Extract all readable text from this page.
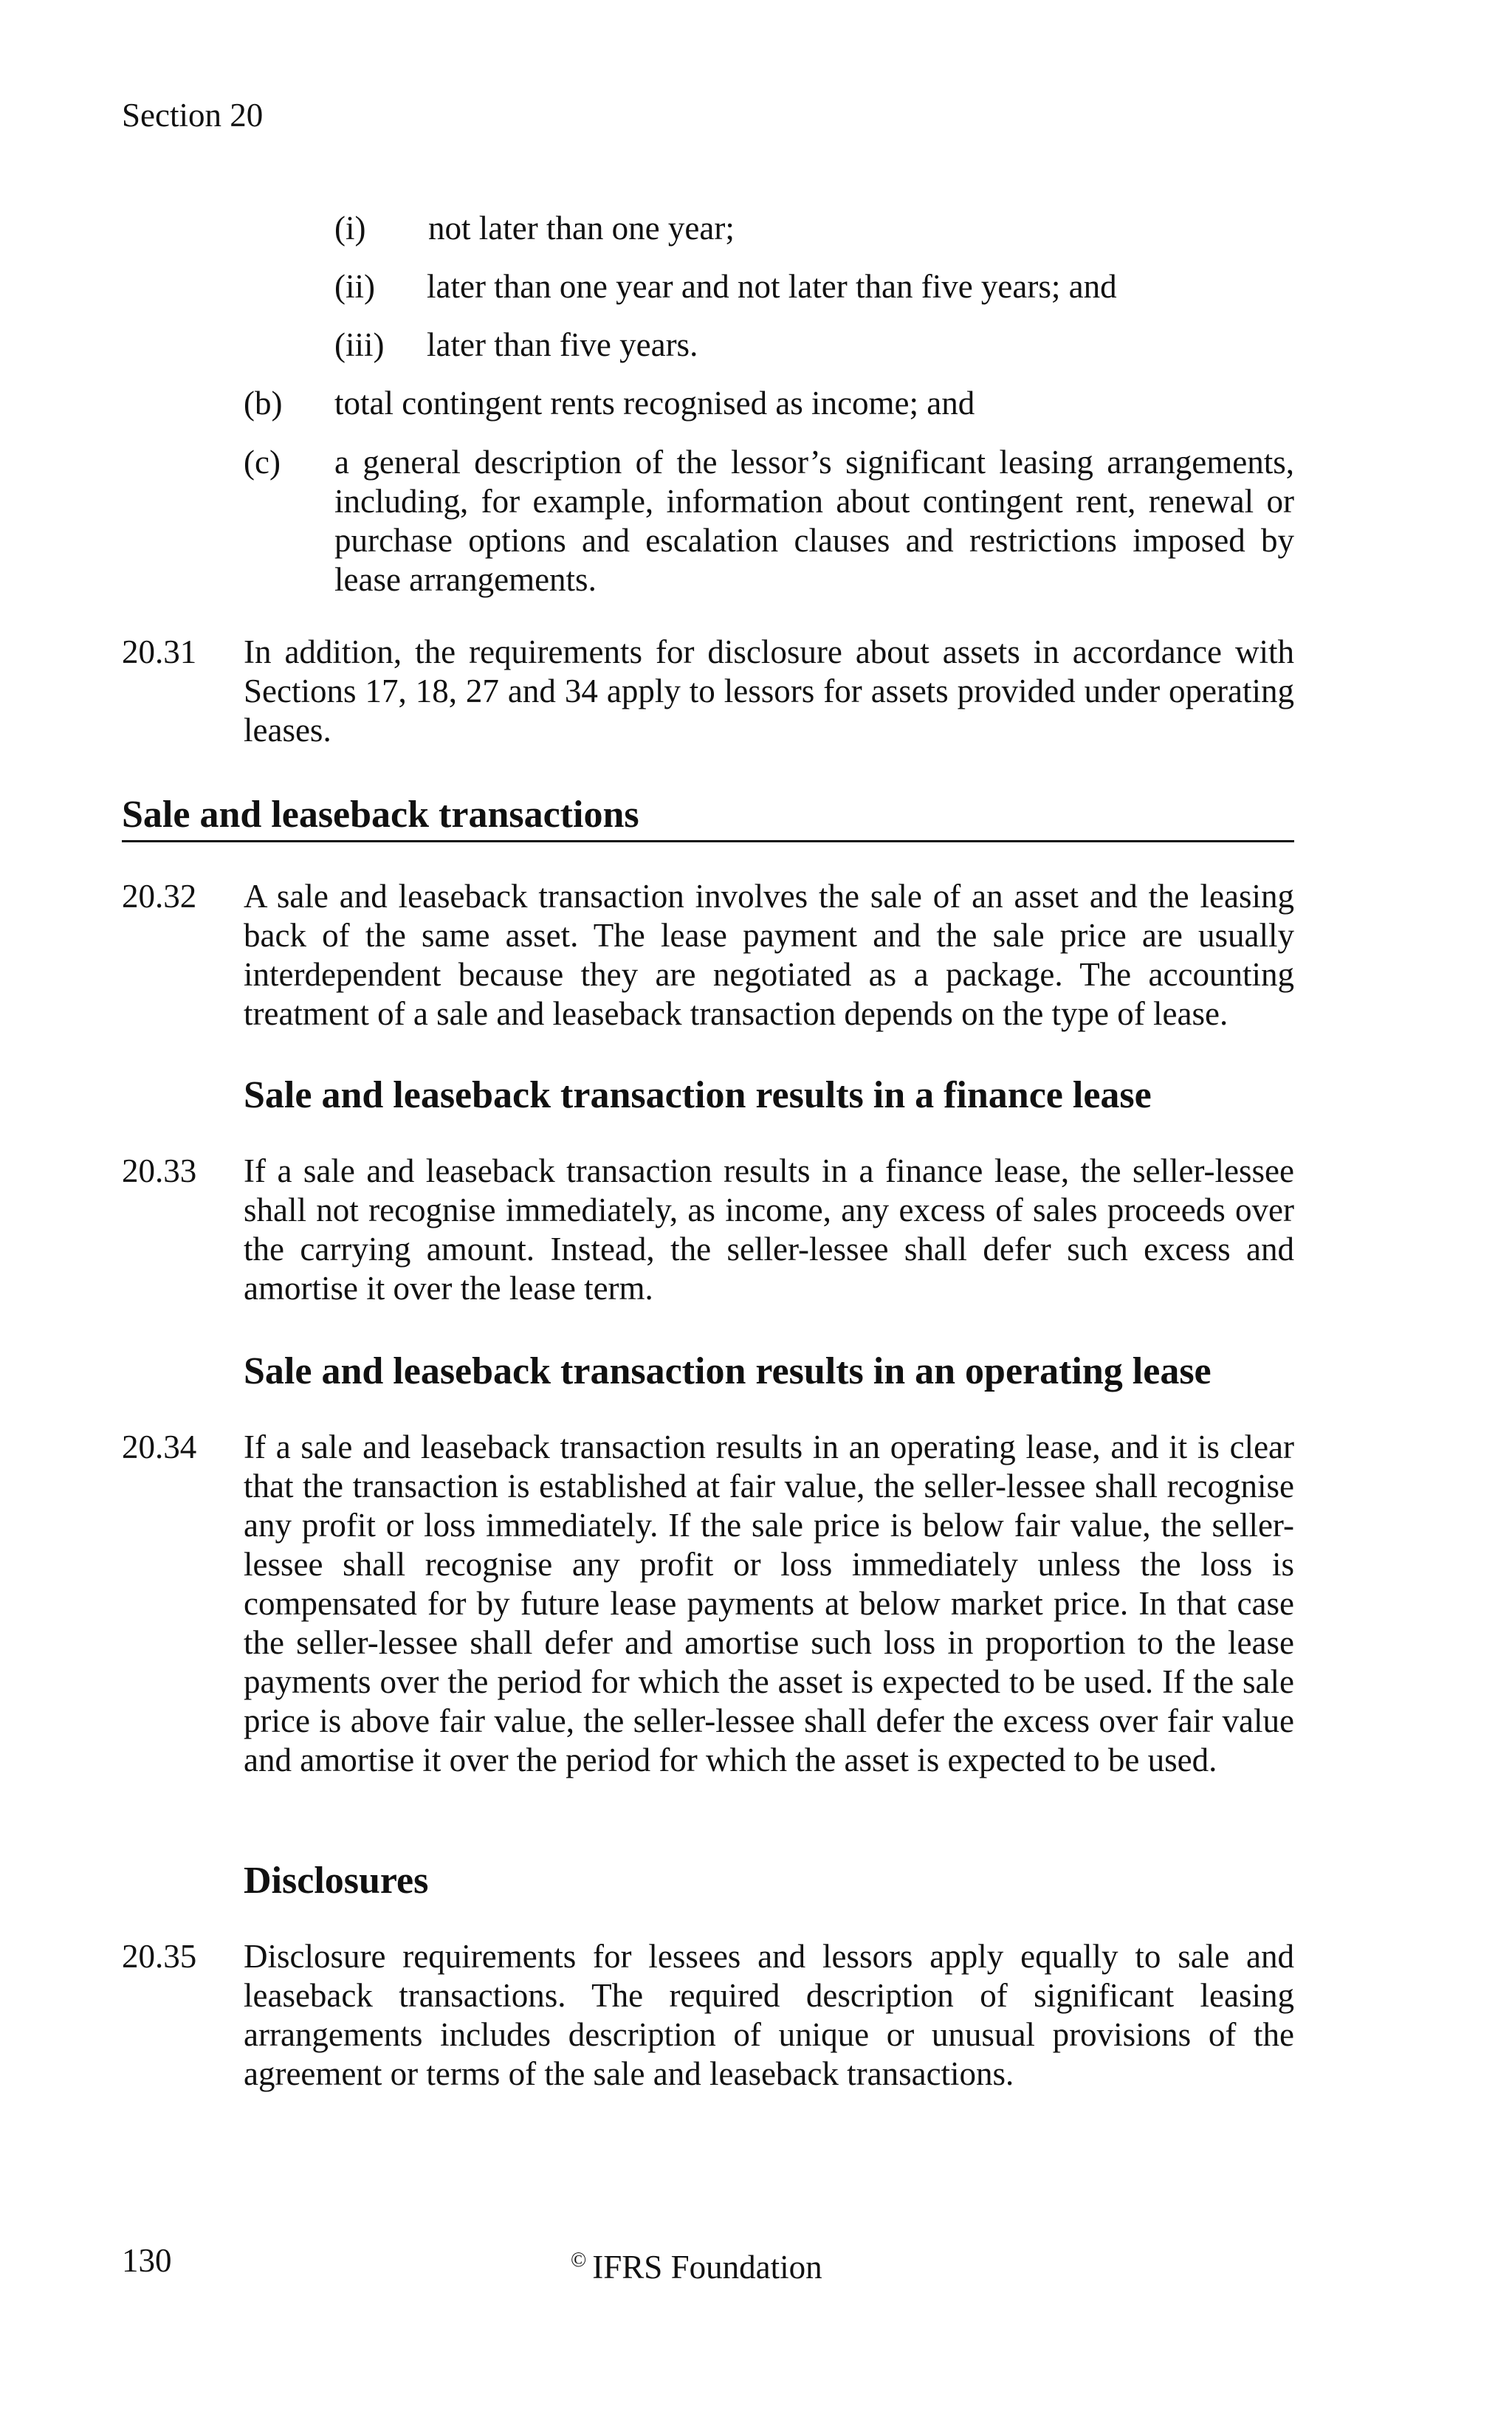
Section 20
(i) not later than one year;
(ii) later than one year and not later than five years; and
(iii) later than five years.
(b) total contingent rents recognised as income; and
(c) a general description of the lessor’s significant leasing arrangements, including, for example, information about contingent rent, renewal or purchase options and escalation clauses and restrictions imposed by lease arrangements.
20.31 In addition, the requirements for disclosure about assets in accordance with Sections 17, 18, 27 and 34 apply to lessors for assets provided under operating leases.
Sale and leaseback transactions
20.32 A sale and leaseback transaction involves the sale of an asset and the leasing back of the same asset. The lease payment and the sale price are usually interdependent because they are negotiated as a package. The accounting treatment of a sale and leaseback transaction depends on the type of lease.
Sale and leaseback transaction results in a finance lease
20.33 If a sale and leaseback transaction results in a finance lease, the seller-lessee shall not recognise immediately, as income, any excess of sales proceeds over the carrying amount. Instead, the seller-lessee shall defer such excess and amortise it over the lease term.
Sale and leaseback transaction results in an operating lease
20.34 If a sale and leaseback transaction results in an operating lease, and it is clear that the transaction is established at fair value, the seller-lessee shall recognise any profit or loss immediately. If the sale price is below fair value, the seller-lessee shall recognise any profit or loss immediately unless the loss is compensated for by future lease payments at below market price. In that case the seller-lessee shall defer and amortise such loss in proportion to the lease payments over the period for which the asset is expected to be used. If the sale price is above fair value, the seller-lessee shall defer the excess over fair value and amortise it over the period for which the asset is expected to be used.
Disclosures
20.35 Disclosure requirements for lessees and lessors apply equally to sale and leaseback transactions. The required description of significant leasing arrangements includes description of unique or unusual provisions of the agreement or terms of the sale and leaseback transactions.
130	© IFRS Foundation
